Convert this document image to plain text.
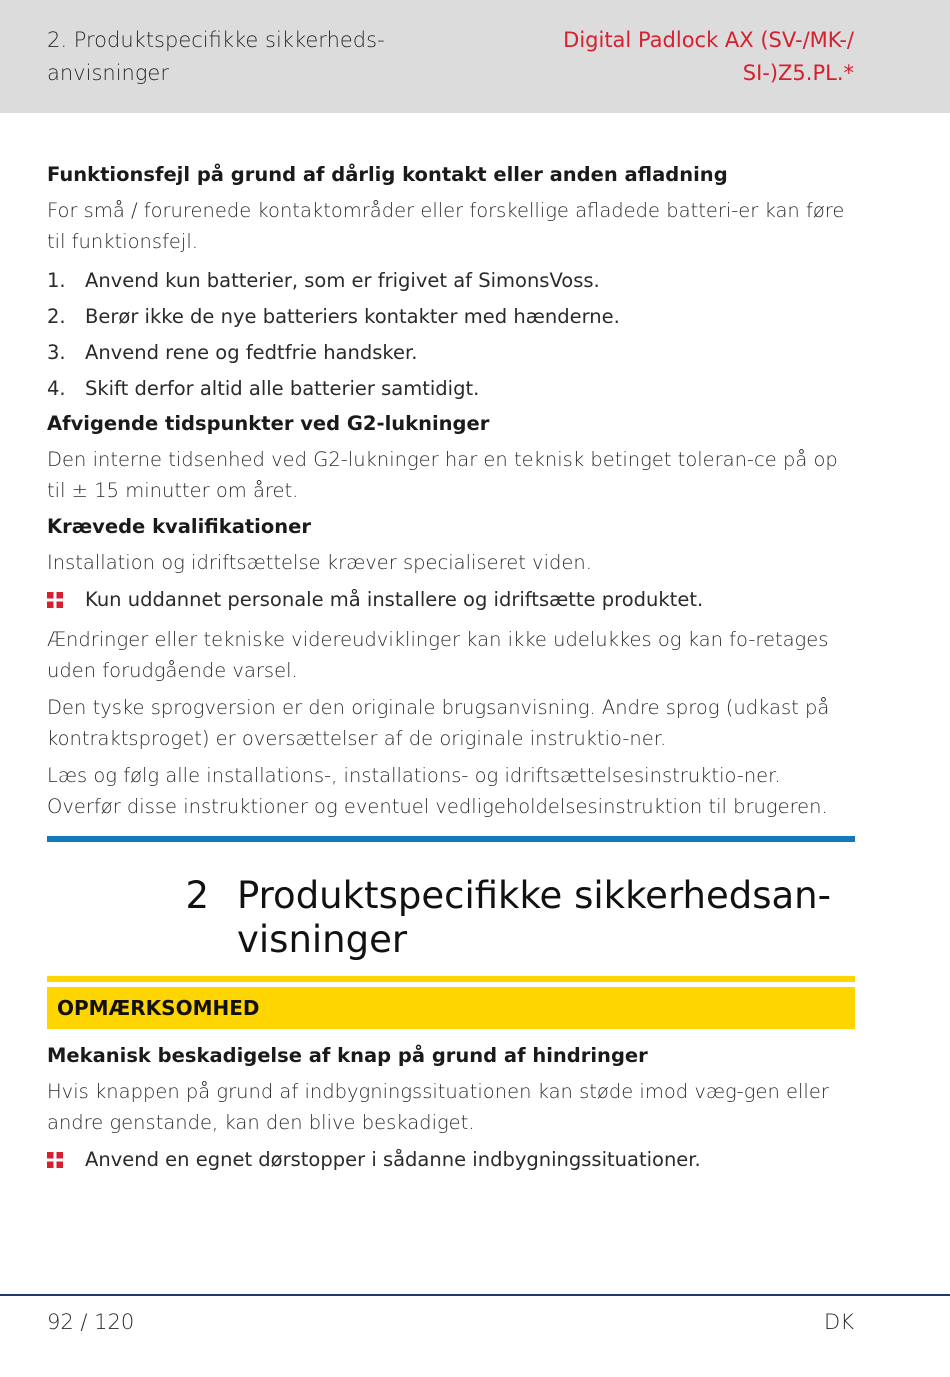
2. Produktspecifikke sikkerheds-
anvisninger
Digital Padlock AX (SV-/MK-/
SI-)Z5.PL.*
Funktionsfejl på grund af dårlig kontakt eller anden afladning
For små / forurenede kontaktområder eller forskellige afladede batteri-er kan føre til funktionsfejl.
1. Anvend kun batterier, som er frigivet af SimonsVoss.
2. Berør ikke de nye batteriers kontakter med hænderne.
3. Anvend rene og fedtfrie handsker.
4. Skift derfor altid alle batterier samtidigt.
Afvigende tidspunkter ved G2-lukninger
Den interne tidsenhed ved G2-lukninger har en teknisk betinget toleran-ce på op til ± 15 minutter om året.
Krævede kvalifikationer
Installation og idriftsættelse kræver specialiseret viden.
Kun uddannet personale må installere og idriftsætte produktet.
Ændringer eller tekniske videreudviklinger kan ikke udelukkes og kan fo-retages uden forudgående varsel.
Den tyske sprogversion er den originale brugsanvisning. Andre sprog (udkast på kontraktsproget) er oversættelser af de originale instruktio-ner.
Læs og følg alle installations-, installations- og idriftsættelsesinstruktio-ner. Overfør disse instruktioner og eventuel vedligeholdelsesinstruktion til brugeren.
2 Produktspecifikke sikkerhedsan-visninger
OPMÆRKSOMHED
Mekanisk beskadigelse af knap på grund af hindringer
Hvis knappen på grund af indbygningssituationen kan støde imod væg-gen eller andre genstande, kan den blive beskadiget.
Anvend en egnet dørstopper i sådanne indbygningssituationer.
92 / 120	DK
